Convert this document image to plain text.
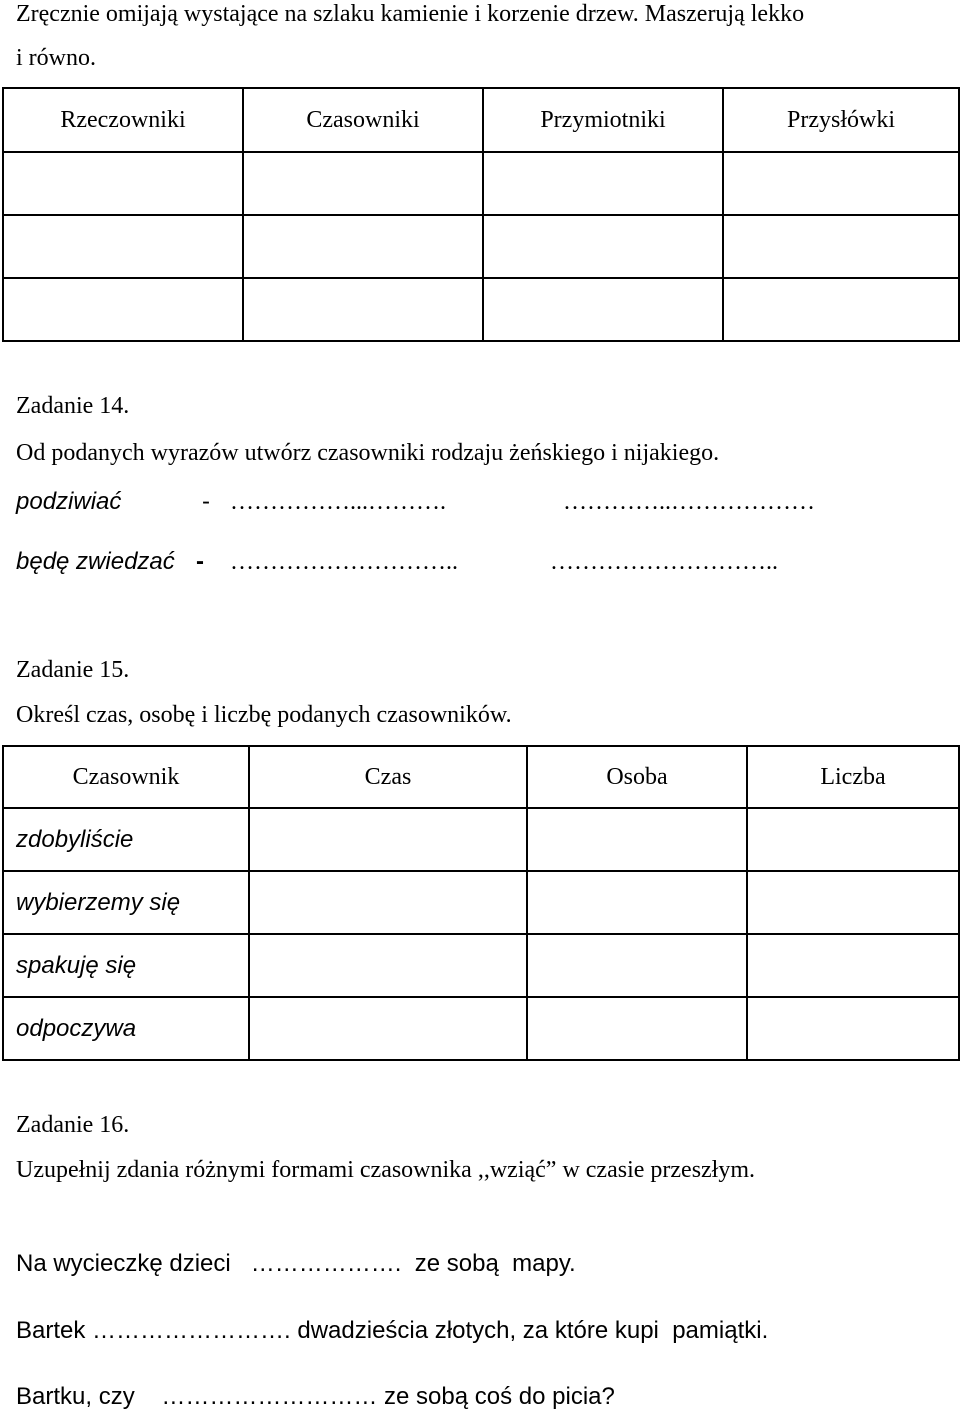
Zręcznie omijają wystające na szlaku kamienie i korzenie drzew. Maszerują lekko
i równo.
Rzeczowniki	Czasowniki	Przymiotniki	Przysłówki

Zadanie 14.
Od podanych wyrazów utwórz czasowniki rodzaju żeńskiego i nijakiego.
podziwiać	- ……………...……….	…………..………………
będę zwiedzać - ………………………..	………………………..
Zadanie 15.
Określ czas, osobę i liczbę podanych czasowników.
Czasownik	Czas	Osoba	Liczba
zdobyliście			
wybierzemy się			
spakuję się			
odpoczywa			
Zadanie 16.
Uzupełnij zdania różnymi formami czasownika ,,wziąć” w czasie przeszłym.
Na wycieczkę dzieci   ……………….  ze sobą  mapy.
Bartek ……………………. dwadzieścia złotych, za które kupi  pamiątki.
Bartku, czy    ……………………… ze sobą coś do picia?
